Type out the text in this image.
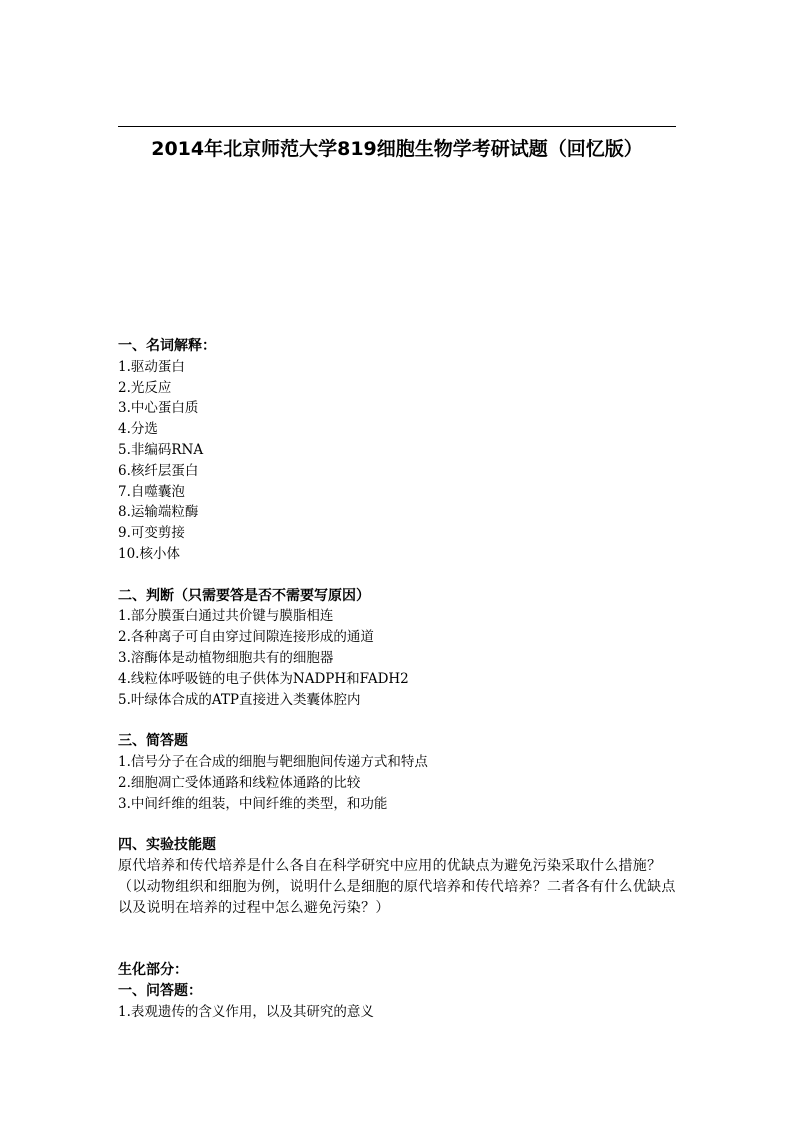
2014年北京师范大学819细胞生物学考研试题（回忆版）
一、名词解释：
1.驱动蛋白
2.光反应
3.中心蛋白质
4.分选
5.非编码RNA
6.核纤层蛋白
7.自噬囊泡
8.运输端粒酶
9.可变剪接
10.核小体
二、判断（只需要答是否不需要写原因）
1.部分膜蛋白通过共价键与膜脂相连
2.各种离子可自由穿过间隙连接形成的通道
3.溶酶体是动植物细胞共有的细胞器
4.线粒体呼吸链的电子供体为NADPH和FADH2
5.叶绿体合成的ATP直接进入类囊体腔内
三、简答题
1.信号分子在合成的细胞与靶细胞间传递方式和特点
2.细胞凋亡受体通路和线粒体通路的比较
3.中间纤维的组装，中间纤维的类型，和功能
四、实验技能题
原代培养和传代培养是什么各自在科学研究中应用的优缺点为避免污染采取什么措施？（以动物组织和细胞为例，说明什么是细胞的原代培养和传代培养？二者各有什么优缺点以及说明在培养的过程中怎么避免污染？）
生化部分：
一、问答题：
1.表观遗传的含义作用，以及其研究的意义
